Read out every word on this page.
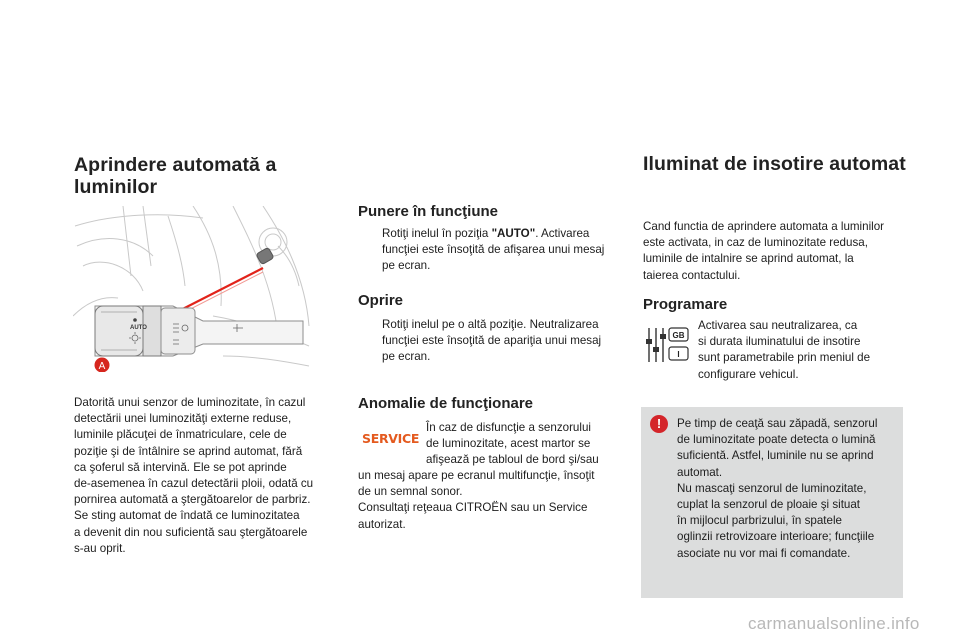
Aprindere automată a
luminilor
AUTO
A
Datorită unui senzor de luminozitate, în cazul
detectării unei luminozităţi externe reduse,
luminile plăcuţei de înmatriculare, cele de
poziţie şi de întâlnire se aprind automat, fără
ca şoferul să intervină. Ele se pot aprinde
de-asemenea în cazul detectării ploii, odată cu
pornirea automată a ştergătoarelor de parbriz.
Se sting automat de îndată ce luminozitatea
a devenit din nou suficientă sau ştergătoarele
s-au oprit.
Punere în funcţiune
Rotiţi inelul în poziţia "AUTO". Activarea
funcţiei este însoţită de afişarea unui mesaj
pe ecran.
Oprire
Rotiţi inelul pe o altă poziţie. Neutralizarea
funcţiei este însoţită de apariţia unui mesaj
pe ecran.
Anomalie de funcţionare
SERVICE
În caz de disfuncţie a senzorului
de luminozitate, acest martor se
afişează pe tabloul de bord şi/sau
un mesaj apare pe ecranul multifuncţie, însoţit
de un semnal sonor.
Consultaţi reţeaua CITROËN sau un Service
autorizat.
Iluminat de insotire automat
Cand functia de aprindere automata a luminilor
este activata, in caz de luminozitate redusa,
luminile de intalnire se aprind automat, la
taierea contactului.
Programare
GB
I
Activarea sau neutralizarea, ca
si durata iluminatului de insotire
sunt parametrabile prin meniul de
configurare vehicul.
!	Pe timp de ceaţă sau zăpadă, senzorul
de luminozitate poate detecta o lumină
suficientă. Astfel, luminile nu se aprind
automat.
Nu mascaţi senzorul de luminozitate,
cuplat la senzorul de ploaie şi situat
în mijlocul parbrizului, în spatele
oglinzii retrovizoare interioare; funcţiile
asociate nu vor mai fi comandate.
carmanualsonline.info
